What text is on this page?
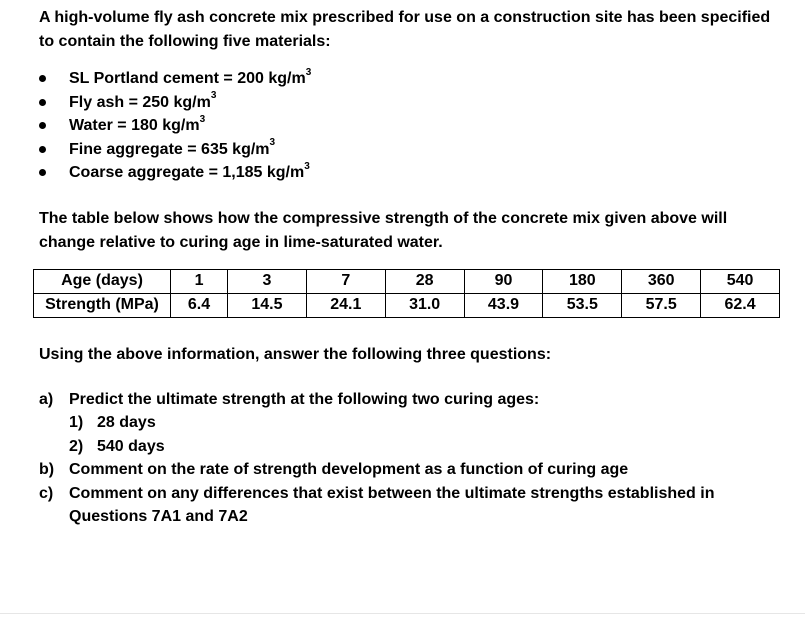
A high-volume fly ash concrete mix prescribed for use on a construction site has been specified to contain the following five materials:

SL Portland cement = 200 $kg/m^3$
Fly ash = 250 $kg/m^3$
Water = 180 $kg/m^3$
Fine aggregate = 635 $kg/m^3$
Coarse aggregate = 1,185 $kg/m^3$

The table below shows how the compressive strength of the concrete mix given above will change relative to curing age in lime-saturated water.

Age (days)	1	3	7	28	90	180	360	540
Strength (MPa)	6.4	14.5	24.1	31.0	43.9	53.5	57.5	62.4

Using the above information, answer the following three questions:

a) Predict the ultimate strength at the following two curing ages:
1) 28 days
2) 540 days
b) Comment on the rate of strength development as a function of curing age
c) Comment on any differences that exist between the ultimate strengths established in Questions 7A1 and 7A2
